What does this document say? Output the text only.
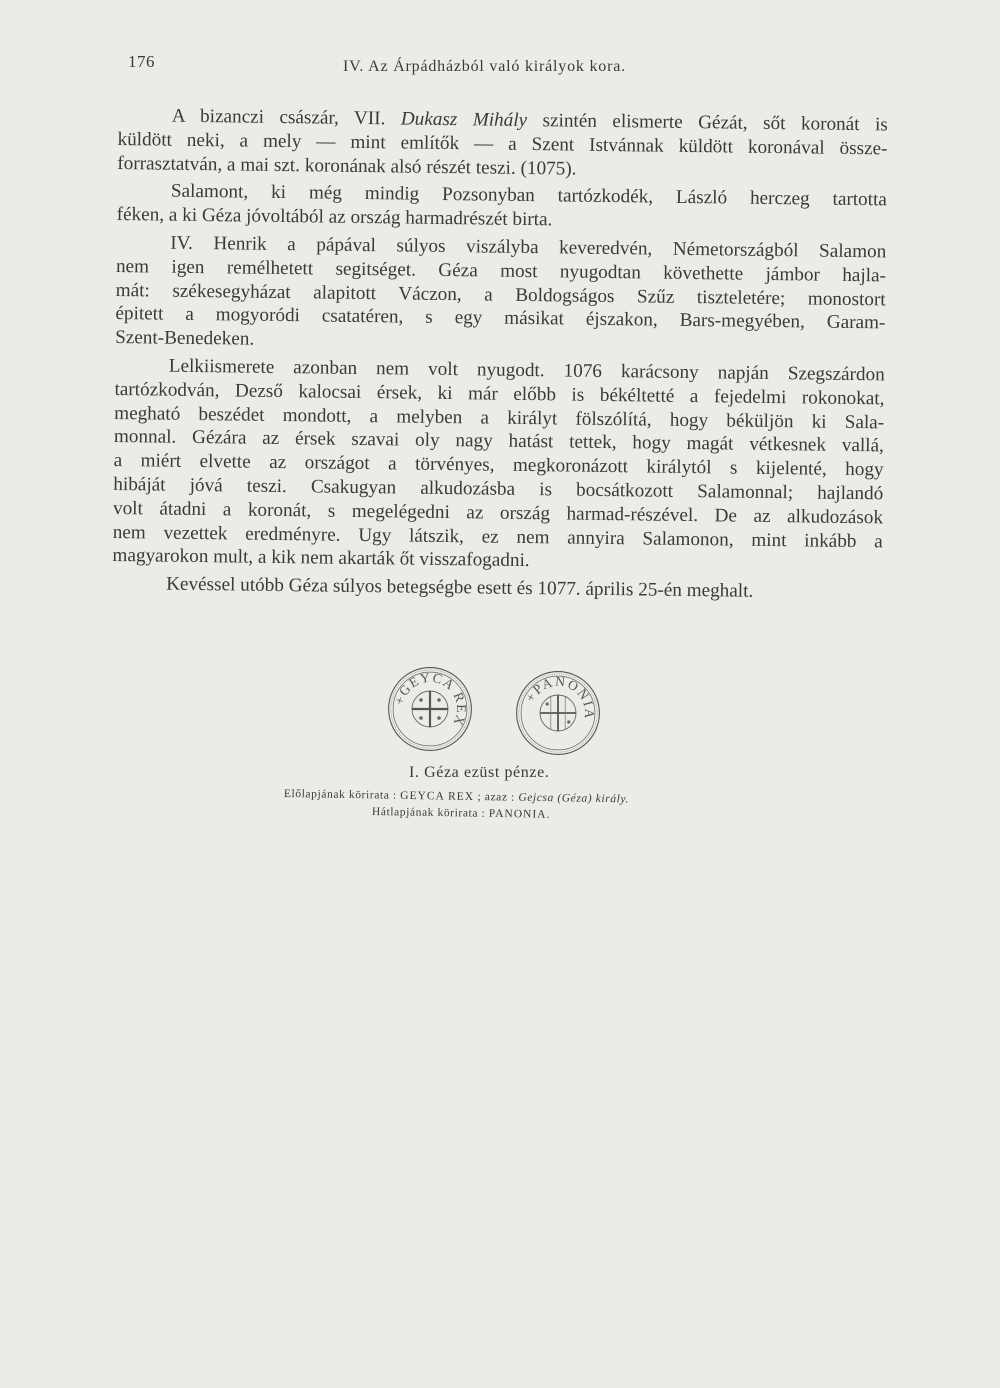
176	IV. Az Árpádházból való királyok kora.
A bizanczi császár, VII. Dukasz Mihály szintén elismerte Gézát, sőt koronát is
küldött neki, a mely — mint említők — a Szent Istvánnak küldött koronával össze-
forrasztatván, a mai szt. koronának alsó részét teszi. (1075).
Salamont, ki még mindig Pozsonyban tartózkodék, László herczeg tartotta
féken, a ki Géza jóvoltából az ország harmadrészét birta.
IV. Henrik a pápával súlyos viszályba keveredvén, Németországból Salamon
nem igen remélhetett segitséget. Géza most nyugodtan követhette jámbor hajla-
mát: székesegyházat alapitott Váczon, a Boldogságos Szűz tiszteletére; monostort
épitett a mogyoródi csatatéren, s egy másikat éjszakon, Bars-megyében, Garam-
Szent-Benedeken.
Lelkiismerete azonban nem volt nyugodt. 1076 karácsony napján Szegszárdon
tartózkodván, Dezső kalocsai érsek, ki már előbb is békéltetté a fejedelmi rokonokat,
megható beszédet mondott, a melyben a királyt fölszólítá, hogy béküljön ki Sala-
monnal. Gézára az érsek szavai oly nagy hatást tettek, hogy magát vétkesnek vallá,
a miért elvette az országot a törvényes, megkoronázott királytól s kijelenté, hogy
hibáját jóvá teszi. Csakugyan alkudozásba is bocsátkozott Salamonnal; hajlandó
volt átadni a koronát, s megelégedni az ország harmad-részével. De az alkudozások
nem vezettek eredményre. Ugy látszik, ez nem annyira Salamonon, mint inkább a
magyarokon mult, a kik nem akarták őt visszafogadni.
Kevéssel utóbb Géza súlyos betegségbe esett és 1077. április 25-én meghalt.
+GEYCA REX
+PANONIA
I. Géza ezüst pénze.
Előlapjának körirata : GEYCA REX ; azaz : Gejcsa (Géza) király.
Hátlapjának körirata : PANONIA.
